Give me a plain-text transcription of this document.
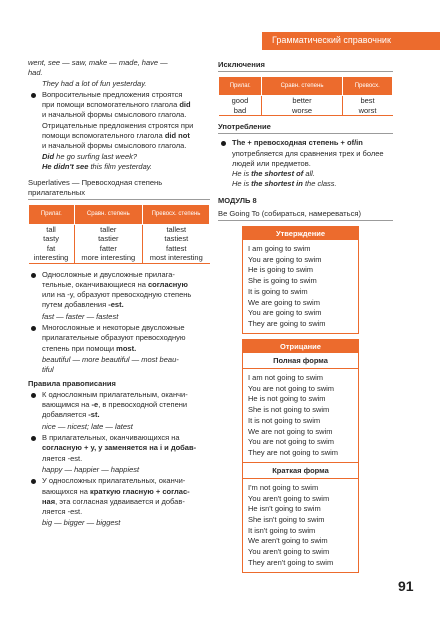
Грамматический справочник

went, see — saw, make — made, have —

had.

They had a lot of fun yesterday.

Вопросительные предложения строятся
при помощи вспомогательного глагола did
и начальной формы смыслового глагола.
Отрицательные предложения строятся при
помощи вспомогательного глагола did not
и начальной формы смыслового глагола.
Did he go surfing last week?
He didn't see this film yesterday.
Superlatives — Превосходная степень
прилагательных
Прилаг.	Сравн. степень	Превосх. степень
tall	taller	tallest
tasty	tastier	tastiest
fat	fatter	fattest
interesting	more interesting	most interesting
Односложные и двусложные прилага-
тельные, оканчивающиеся на согласную
или на -y, образуют превосходную степень
путем добавления -est.

fast — faster — fastest

Многосложные и некоторые двусложные
прилагательные образуют превосходную
степень при помощи most.

beautiful — more beautiful — most beau-

tiful

Правила правописания
К односложным прилагательным, оканчи-
вающимся на -e, в превосходной степени
добавляется -st.

nice — nicest; late — latest

В прилагательных, оканчивающихся на
согласную + y, у заменяется на i и добав-
ляется -est.

happy — happier — happiest

У односложных прилагательных, оканчи-
вающихся на краткую гласную + соглас-
ная, эта согласная удваивается и добав-
ляется -est.

big — bigger — biggest

Исключения
Прилаг.	Сравн. степень	Превосх.
good	better	best
bad	worse	worst
Употребление
The + превосходная степень + of/in
употребляется для сравнения трех и более
людей или предметов.
He is the shortest of all.
He is the shortest in the class.
МОДУЛЬ 8
Be Going To (собираться, намереваться)
Утверждение
I am going to swim
You are going to swim
He is going to swim
She is going to swim
It is going to swim
We are going to swim
You are going to swim
They are going to swim
Отрицание
Полная форма
I am not going to swim
You are not going to swim
He is not going to swim
She is not going to swim
It is not going to swim
We are not going to swim
You are not going to swim
They are not going to swim
Краткая форма
I'm not going to swim
You aren't going to swim
He isn't going to swim
She isn't going to swim
It isn't going to swim
We aren't going to swim
You aren't going to swim
They aren't going to swim
91
